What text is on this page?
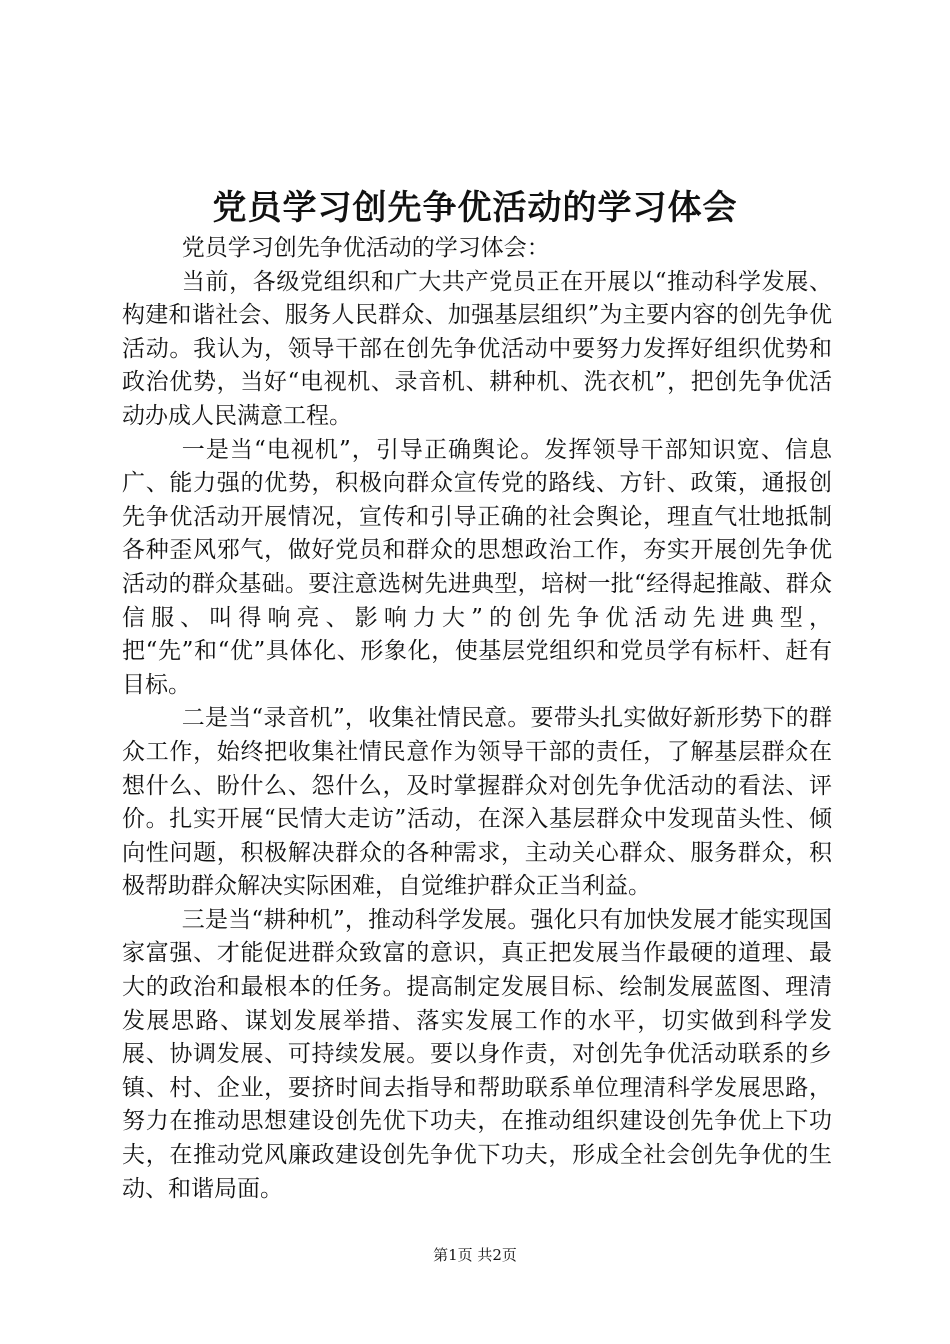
党员学习创先争优活动的学习体会

党员学习创先争优活动的学习体会：

当前，各级党组织和广大共产党员正在开展以“推动科学发展、构建和谐社会、服务人民群众、加强基层组织”为主要内容的创先争优活动。我认为，领导干部在创先争优活动中要努力发挥好组织优势和政治优势，当好“电视机、录音机、耕种机、洗衣机”，把创先争优活动办成人民满意工程。

一是当“电视机”，引导正确舆论。发挥领导干部知识宽、信息广、能力强的优势，积极向群众宣传党的路线、方针、政策，通报创先争优活动开展情况，宣传和引导正确的社会舆论，理直气壮地抵制各种歪风邪气，做好党员和群众的思想政治工作，夯实开展创先争优活动的群众基础。要注意选树先进典型，培树一批“经得起推敲、群众信服、叫得响亮、影响力大”的创先争优活动先进典型，把“先”和“优”具体化、形象化，使基层党组织和党员学有标杆、赶有目标。

二是当“录音机”，收集社情民意。要带头扎实做好新形势下的群众工作，始终把收集社情民意作为领导干部的责任，了解基层群众在想什么、盼什么、怨什么，及时掌握群众对创先争优活动的看法、评价。扎实开展“民情大走访”活动，在深入基层群众中发现苗头性、倾向性问题，积极解决群众的各种需求，主动关心群众、服务群众，积极帮助群众解决实际困难，自觉维护群众正当利益。

三是当“耕种机”，推动科学发展。强化只有加快发展才能实现国家富强、才能促进群众致富的意识，真正把发展当作最硬的道理、最大的政治和最根本的任务。提高制定发展目标、绘制发展蓝图、理清发展思路、谋划发展举措、落实发展工作的水平，切实做到科学发展、协调发展、可持续发展。要以身作责，对创先争优活动联系的乡镇、村、企业，要挤时间去指导和帮助联系单位理清科学发展思路，努力在推动思想建设创先优下功夫，在推动组织建设创先争优上下功夫，在推动党风廉政建设创先争优下功夫，形成全社会创先争优的生动、和谐局面。

第1页 共2页
